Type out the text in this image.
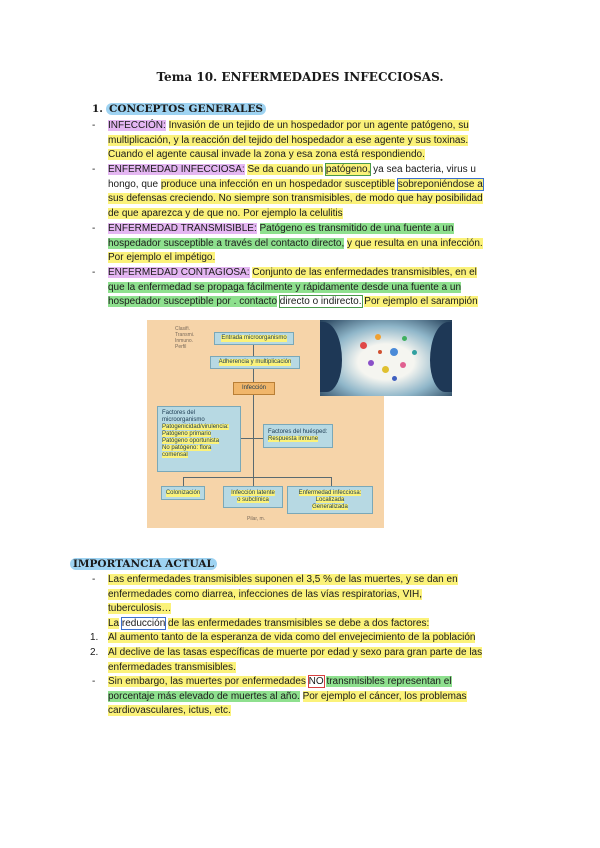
Tema 10. ENFERMEDADES INFECCIOSAS.
1. CONCEPTOS GENERALES
- INFECCIÓN: Invasión de un tejido de un hospedador por un agente patógeno, su
multiplicación, y la reacción del tejido del hospedador a ese agente y sus toxinas.
Cuando el agente causal invade la zona y esa zona está respondiendo.
- ENFERMEDAD INFECCIOSA: Se da cuando un patógeno, ya sea bacteria, virus u
hongo, que produce una infección en un hospedador susceptible sobreponiéndose a
sus defensas creciendo. No siempre son transmisibles, de modo que hay posibilidad
de que aparezca y de que no. Por ejemplo la celulitis
- ENFERMEDAD TRANSMISIBLE: Patógeno es transmitido de una fuente a un
hospedador susceptible a través del contacto directo, y que resulta en una infección.
Por ejemplo el impétigo.
- ENFERMEDAD CONTAGIOSA: Conjunto de las enfermedades transmisibles, en el
que la enfermedad se propaga fácilmente y rápidamente desde una fuente a un
hospedador susceptible por . contacto directo o indirecto. Por ejemplo el sarampión
Clasifi.
Transmi.
Inmuno.
Perfil
Entrada microorganismo
Adherencia y multiplicación
Infección
Factores del
microorganismo
Patogenicidad/virulencia:
Patógeno primario
Patógeno oportunista
No patógeno: flora
comensal
Factores del huésped:
Respuesta inmune
Colonización	Infección latente
o subclínica
Enfermedad infecciosa:
Localizada
Generalizada
Pilar, m.
IMPORTANCIA ACTUAL
- Las enfermedades transmisibles suponen el 3,5 % de las muertes, y se dan en
enfermedades como diarrea, infecciones de las vías respiratorias, VIH,
tuberculosis…
La reducción de las enfermedades transmisibles se debe a dos factores:
1. Al aumento tanto de la esperanza de vida como del envejecimiento de la población
2. Al declive de las tasas específicas de muerte por edad y sexo para gran parte de las
enfermedades transmisibles.
- Sin embargo, las muertes por enfermedades NO transmisibles representan el
porcentaje más elevado de muertes al año. Por ejemplo el cáncer, los problemas
cardiovasculares, ictus, etc.
